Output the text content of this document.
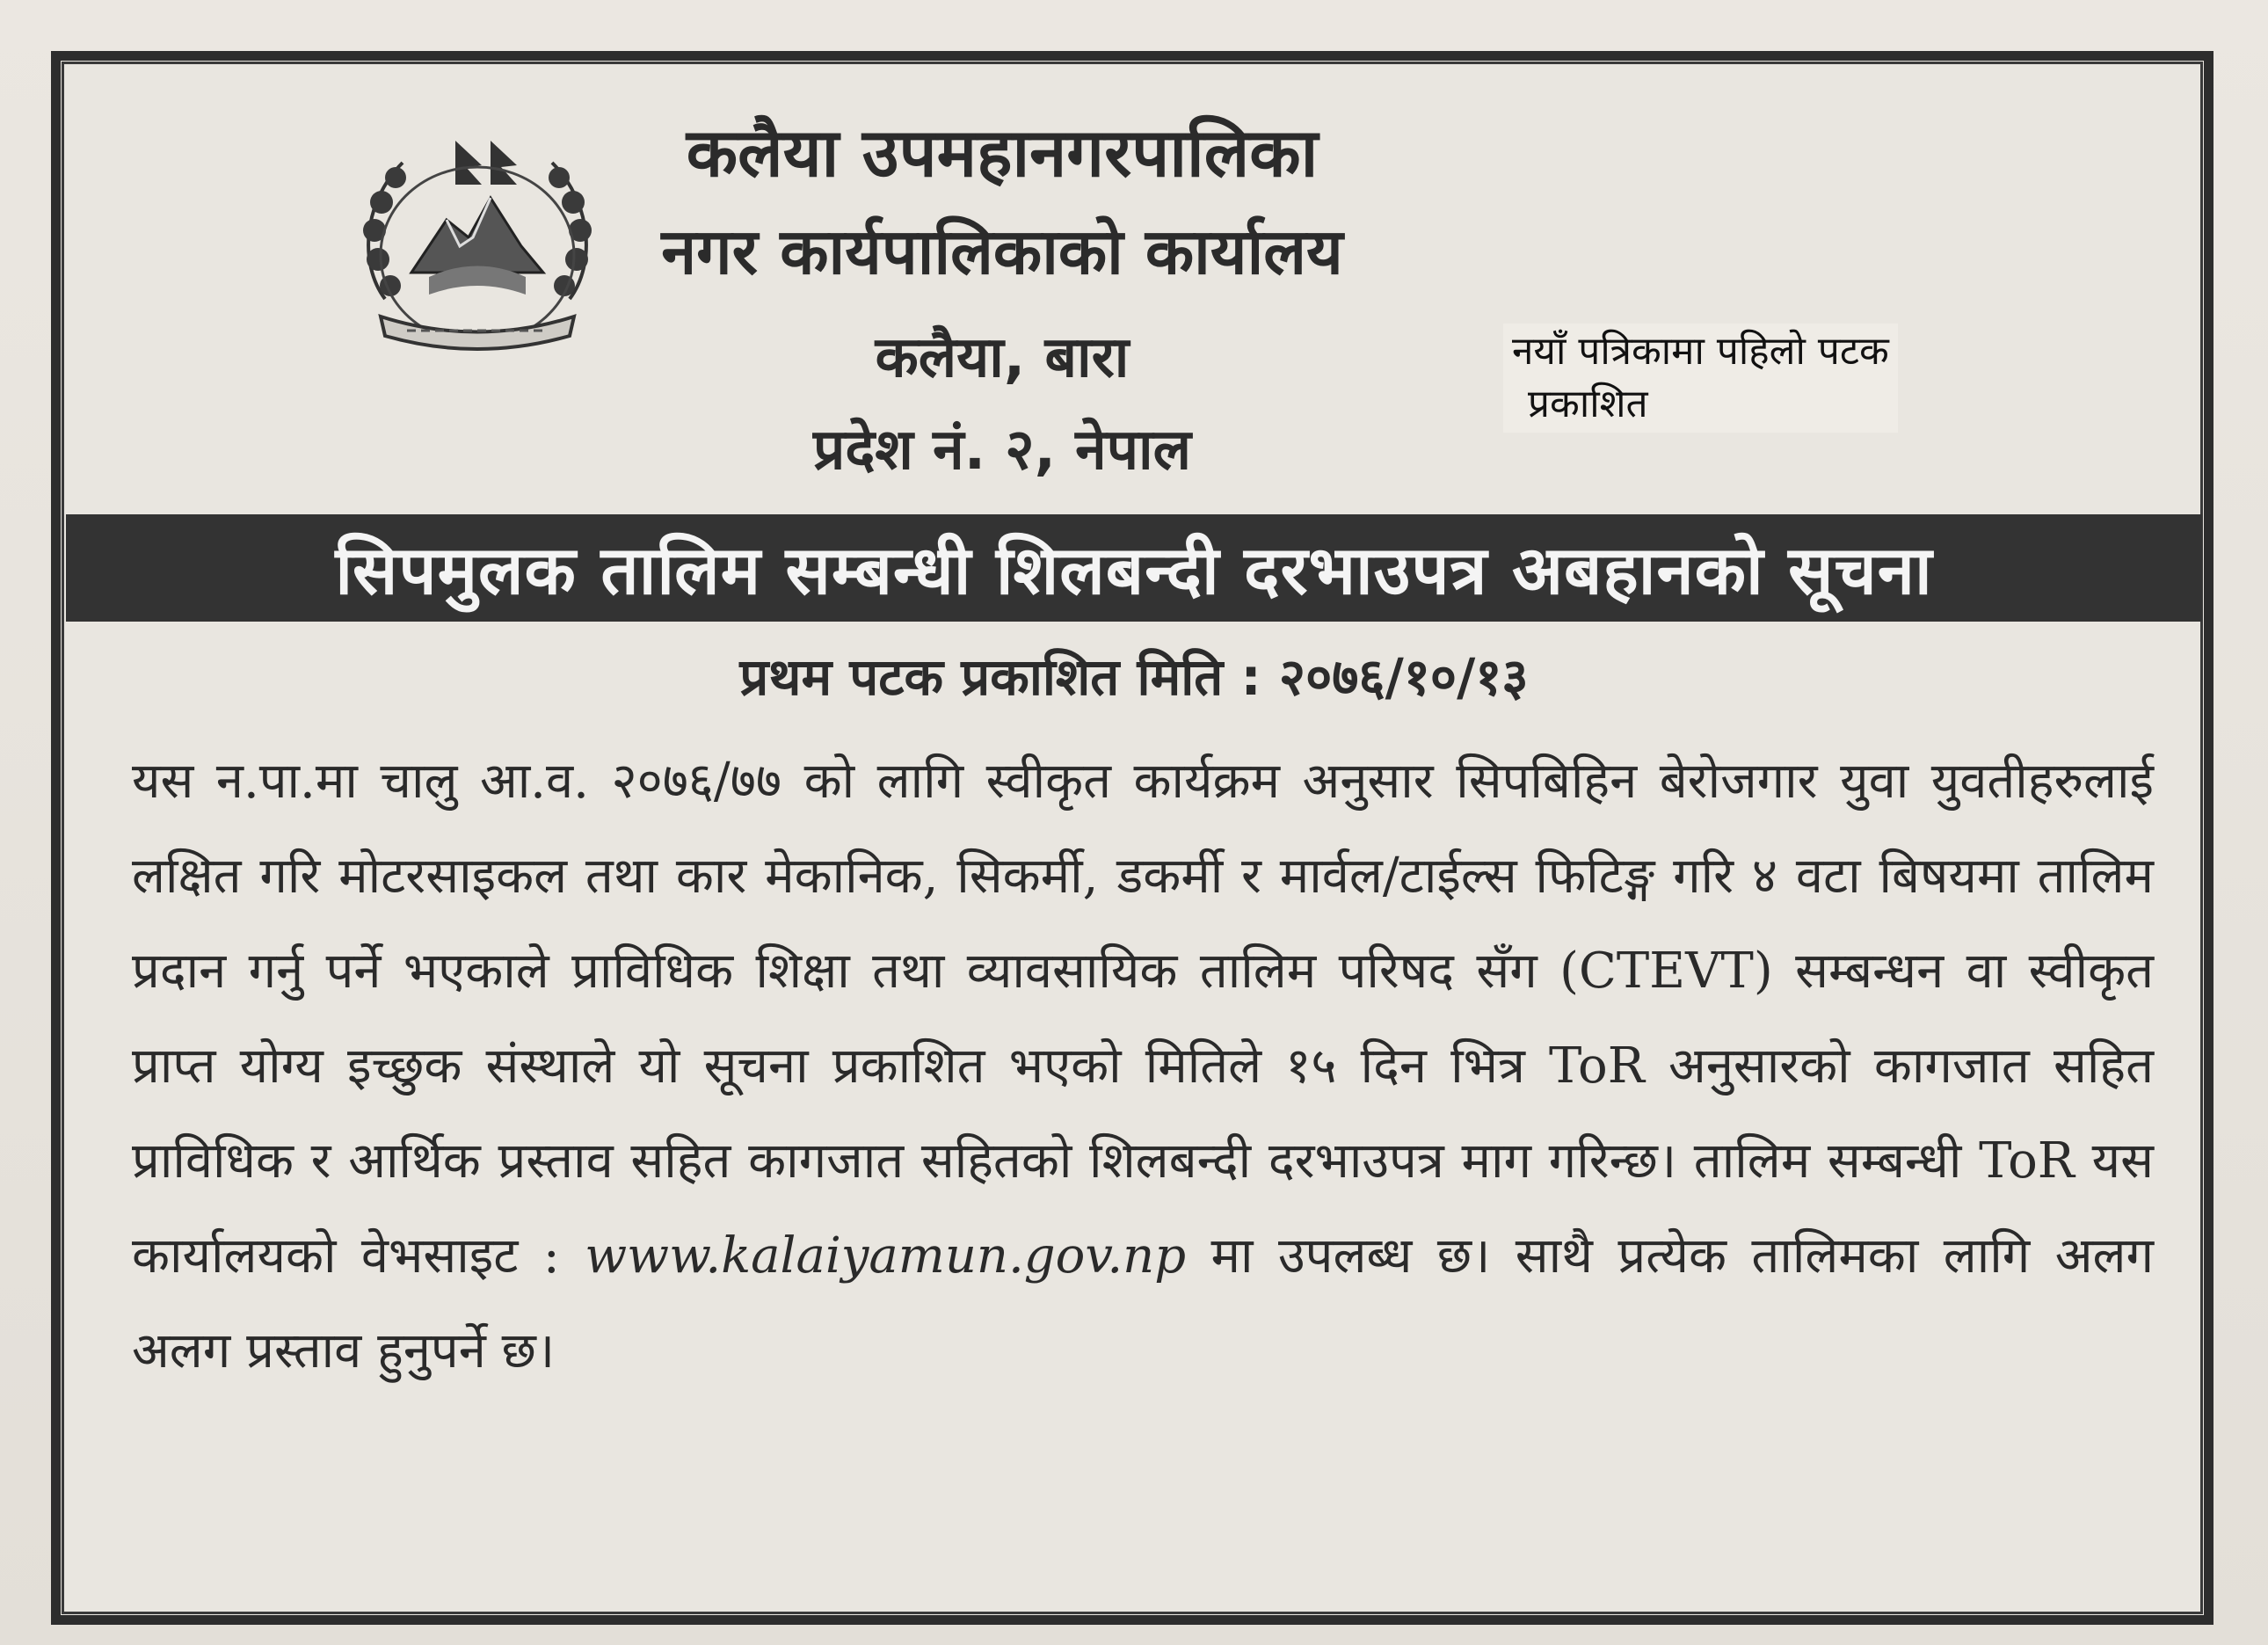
कलैया उपमहानगरपालिका
नगर कार्यपालिकाको कार्यालय
कलैया, बारा
प्रदेश नं. २, नेपाल
नयाँ पत्रिकामा पहिलो पटक
प्रकाशित
सिपमुलक तालिम सम्बन्धी शिलबन्दी दरभाउपत्र अबहानको सूचना
प्रथम पटक प्रकाशित मिति : २०७६/१०/१३
यस न.पा.मा चालु आ.व. २०७६/७७ को लागि स्वीकृत कार्यक्रम अनुसार सिपबिहिन बेरोजगार युवा युवतीहरुलाई लक्षित गरि मोटरसाइकल तथा कार मेकानिक, सिकर्मी, डकर्मी र मार्वल/टाईल्स फिटिङ्ग गरि ४ वटा बिषयमा तालिम प्रदान गर्नु पर्ने भएकाले प्राविधिक शिक्षा तथा व्यावसायिक तालिम परिषद सँग (CTEVT) सम्बन्धन वा स्वीकृत प्राप्त योग्य इच्छुक संस्थाले यो सूचना प्रकाशित भएको मितिले १५ दिन भित्र ToR अनुसारको कागजात सहित प्राविधिक र आर्थिक प्रस्ताव सहित कागजात सहितको शिलबन्दी दरभाउपत्र माग गरिन्छ। तालिम सम्बन्धी ToR यस कार्यालयको वेभसाइट : www.kalaiyamun.gov.np मा उपलब्ध छ। साथै प्रत्येक तालिमका लागि अलग अलग प्रस्ताव हुनुपर्ने छ।
